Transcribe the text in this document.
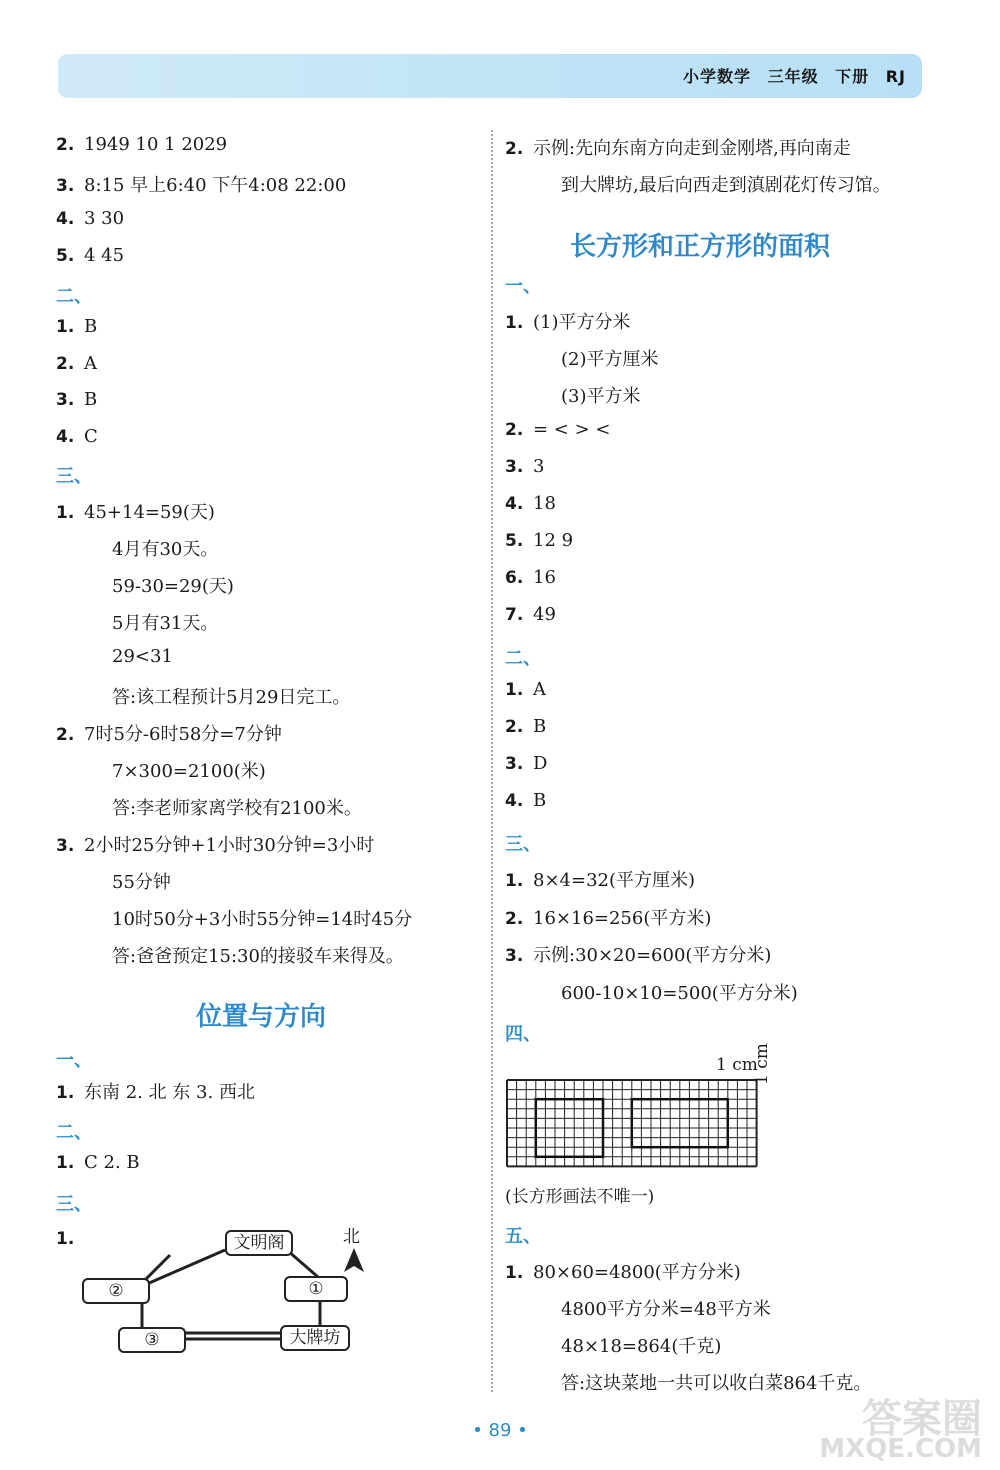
小学数学 三年级 下册 RJ
2. 1949 10 1 2029
3. 8:15 早上6:40 下午4:08 22:00
4. 3 30
5. 4 45
二、
1. B
2. A
3. B
4. C
三、
1. 45+14=59(天)
4月有30天。
59-30=29(天)
5月有31天。
29<31
答:该工程预计5月29日完工。
2. 7时5分-6时58分=7分钟
7×300=2100(米)
答:李老师家离学校有2100米。
3. 2小时25分钟+1小时30分钟=3小时
55分钟
10时50分+3小时55分钟=14时45分
答:爸爸预定15:30的接驳车来得及。
位置与方向
一、
1. 东南 2. 北 东 3. 西北
二、
1. C 2. B
三、
1.	文明阁
②	①
③	大牌坊
北
2. 示例:先向东南方向走到金刚塔,再向南走
到大牌坊,最后向西走到滇剧花灯传习馆。
长方形和正方形的面积
一、
1. (1)平方分米
(2)平方厘米
(3)平方米
2. = < > <
3. 3
4. 18
5. 12 9
6. 16
7. 49
二、
1. A
2. B
3. D
4. B
三、
1. 8×4=32(平方厘米)
2. 16×16=256(平方米)
3. 示例:30×20=600(平方分米)
600-10×10=500(平方分米)
四、
(长方形画法不唯一)
五、
1. 80×60=4800(平方分米)
4800平方分米=48平方米
48×18=864(千克)
答:这块菜地一共可以收白菜864千克。
1 cm
1 cm
• 89 •	答案圈
MXQE.COM
